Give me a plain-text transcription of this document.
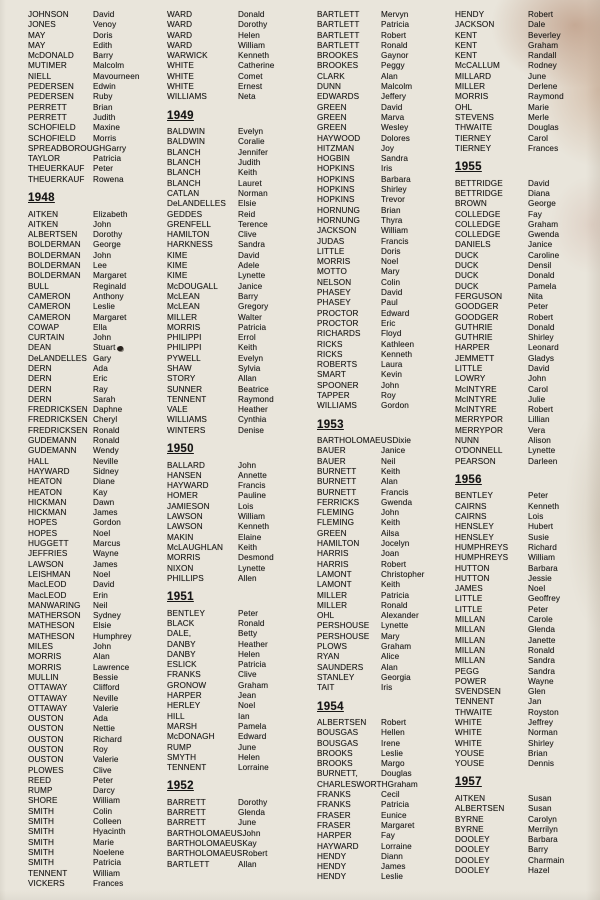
JOHNSON	David
JONES	Venoy
MAY	Doris
MAY	Edith
McDONALD	Barry
MUTIMER	Malcolm
NIELL	Mavourneen
PEDERSEN	Edwin
PEDERSEN	Ruby
PERRETT	Brian
PERRETT	Judith
SCHOFIELD	Maxine
SCHOFIELD	Morris
SPREADBOROUGH Garry
TAYLOR	Patricia
THEUERKAUF	Peter
THEUERKAUF	Rowena
1948
AITKEN	Elizabeth
AITKEN	John
ALBERTSEN	Dorothy
BOLDERMAN	George
BOLDERMAN	John
BOLDERMAN	Lee
BOLDERMAN	Margaret
BULL	Reginald
CAMERON	Anthony
CAMERON	Leslie
CAMERON	Margaret
COWAP	Ella
CURTAIN	John
DEAN	Stuart
DeLANDELLES Gary
DERN	Ada
DERN	Eric
DERN	Ray
DERN	Sarah
FREDRICKSEN Daphne
FREDRICKSEN Cheryl
FREDRICKSEN Ronald
GUDEMANN	Ronald
GUDEMANN	Wendy
HALL	Neville
HAYWARD	Sidney
HEATON	Diane
HEATON	Kay
HICKMAN	Dawn
HICKMAN	James
HOPES	Gordon
HOPES	Noel
HUGGETT	Marcus
JEFFRIES	Wayne
LAWSON	James
LEISHMAN	Noel
MacLEOD	David
MacLEOD	Erin
MANWARING	Neil
MATHERSON	Sydney
MATHESON	Elsie
MATHESON	Humphrey
MILES	John
MORRIS	Alan
MORRIS	Lawrence
MULLIN	Bessie
OTTAWAY	Clifford
OTTAWAY	Neville
OTTAWAY	Valerie
OUSTON	Ada
OUSTON	Nettie
OUSTON	Richard
OUSTON	Roy
OUSTON	Valerie
PLOWES	Clive
REED	Peter
RUMP	Darcy
SHORE	William
SMITH	Colin
SMITH	Colleen
SMITH	Hyacinth
SMITH	Marie
SMITH	Noelene
SMITH	Patricia
TENNENT	William
VICKERS	Frances
WARD	Donald
WARD	Dorothy
WARD	Helen
WARD	William
WARWICK	Kenneth
WHITE	Catherine
WHITE	Comet
WHITE	Ernest
WILLIAMS	Neta
1949
BALDWIN	Evelyn
BALDWIN	Coralie
BLANCH	Jennifer
BLANCH	Judith
BLANCH	Keith
BLANCH	Lauret
CATLAN	Norman
DeLANDELLES	Elsie
GEDDES	Reid
GRENFELL	Terence
HAMILTON	Clive
HARKNESS	Sandra
KIME	David
KIME	Adele
KIME	Lynette
McDOUGALL	Janice
McLEAN	Barry
McLEAN	Gregory
MILLER	Walter
MORRIS	Patricia
PHILIPPI	Errol
PHILIPPI	Keith
PYWELL	Evelyn
SHAW	Sylvia
STORY	Allan
SUNNER	Beatrice
TENNENT	Raymond
VALE	Heather
WILLIAMS	Cynthia
WINTERS	Denise
1950
BALLARD	John
HANSEN	Annette
HAYWARD	Francis
HOMER	Pauline
JAMIESON	Lois
LAWSON	William
LAWSON	Kenneth
MAKIN	Elaine
McLAUGHLAN	Keith
MORRIS	Desmond
NIXON	Lynette
PHILLIPS	Allen
1951
BENTLEY	Peter
BLACK	Ronald
DALE,	Betty
DANBY	Heather
DANBY	Helen
ESLICK	Patricia
FRANKS	Clive
GRONOW	Graham
HARPER	Jean
HERLEY	Noel
HILL	Ian
MARSH	Pamela
McDONAGH	Edward
RUMP	June
SMYTH	Helen
TENNENT	Lorraine
1952
BARRETT	Dorothy
BARRETT	Glenda
BARRETT	June
BARTHOLOMAEUS John
BARTHOLOMAEUS Kay
BARTHOLOMAEUS Robert
BARTLETT	Allan
BARTLETT	Mervyn
BARTLETT	Patricia
BARTLETT	Robert
BARTLETT	Ronald
BROOKES	Gaynor
BROOKES	Peggy
CLARK	Alan
DUNN	Malcolm
EDWARDS	Jeffery
GREEN	David
GREEN	Marva
GREEN	Wesley
HAYWOOD	Dolores
HITZMAN	Joy
HOGBIN	Sandra
HOPKINS	Iris
HOPKINS	Barbara
HOPKINS	Shirley
HOPKINS	Trevor
HORNUNG	Brian
HORNUNG	Thyra
JACKSON	William
JUDAS	Francis
LITTLE	Doris
MORRIS	Noel
MOTTO	Mary
NELSON	Colin
PHASEY	David
PHASEY	Paul
PROCTOR	Edward
PROCTOR	Eric
RICHARDS	Floyd
RICKS	Kathleen
RICKS	Kenneth
ROBERTS	Laura
SMART	Kevin
SPOONER	John
TAPPER	Roy
WILLIAMS	Gordon
1953
BARTHOLOMAEUS Dixie
BAUER	Janice
BAUER	Neil
BURNETT	Keith
BURNETT	Alan
BURNETT	Francis
FERRICKS	Gwenda
FLEMING	John
FLEMING	Keith
GREEN	Ailsa
HAMILTON	Jocelyn
HARRIS	Joan
HARRIS	Robert
LAMONT	Christopher
LAMONT	Keith
MILLER	Patricia
MILLER	Ronald
OHL	Alexander
PERSHOUSE	Lynette
PERSHOUSE	Mary
PLOWS	Graham
RYAN	Alice
SAUNDERS	Alan
STANLEY	Georgia
TAIT	Iris
1954
ALBERTSEN	Robert
BOUSGAS	Hellen
BOUSGAS	Irene
BROOKS	Leslie
BROOKS	Margo
BURNETT,	Douglas
CHARLESWORTH Graham
FRANKS	Cecil
FRANKS	Patricia
FRASER	Eunice
FRASER	Margaret
HARPER	Fay
HAYWARD	Lorraine
HENDY	Diann
HENDY	James
HENDY	Leslie
HENDY	Robert
JACKSON	Dale
KENT	Beverley
KENT	Graham
KENT	Randall
McCALLUM	Rodney
MILLARD	June
MILLER	Derlene
MORRIS	Raymond
OHL	Marie
STEVENS	Merle
THWAITE	Douglas
TIERNEY	Carol
TIERNEY	Frances
1955
BETTRIDGE	David
BETTRIDGE	Diana
BROWN	George
COLLEDGE	Fay
COLLEDGE	Graham
COLLEDGE	Gwenda
DANIELS	Janice
DUCK	Caroline
DUCK	Densil
DUCK	Donald
DUCK	Pamela
FERGUSON	Nita
GOODGER	Peter
GOODGER	Robert
GUTHRIE	Donald
GUTHRIE	Shirley
HARPER	Leonard
JEMMETT	Gladys
LITTLE	David
LOWRY	John
McINTYRE	Carol
McINTYRE	Julie
McINTYRE	Robert
MERRYPOR	Lillian
MERRYPOR	Vera
NUNN	Alison
O'DONNELL	Lynette
PEARSON	Darleen
1956
BENTLEY	Peter
CAIRNS	Kenneth
CAIRNS	Lois
HENSLEY	Hubert
HENSLEY	Susie
HUMPHREYS	Richard
HUMPHREYS	William
HUTTON	Barbara
HUTTON	Jessie
JAMES	Noel
LITTLE	Geoffrey
LITTLE	Peter
MILLAN	Carole
MILLAN	Glenda
MILLAN	Janette
MILLAN	Ronald
MILLAN	Sandra
PEGG	Sandra
POWER	Wayne
SVENDSEN	Glen
TENNENT	Jan
THWAITE	Royston
WHITE	Jeffrey
WHITE	Norman
WHITE	Shirley
YOUSE	Brian
YOUSE	Dennis
1957
AITKEN	Susan
ALBERTSEN	Susan
BYRNE	Carolyn
BYRNE	Merrilyn
DOOLEY	Barbara
DOOLEY	Barry
DOOLEY	Charmain
DOOLEY	Hazel
